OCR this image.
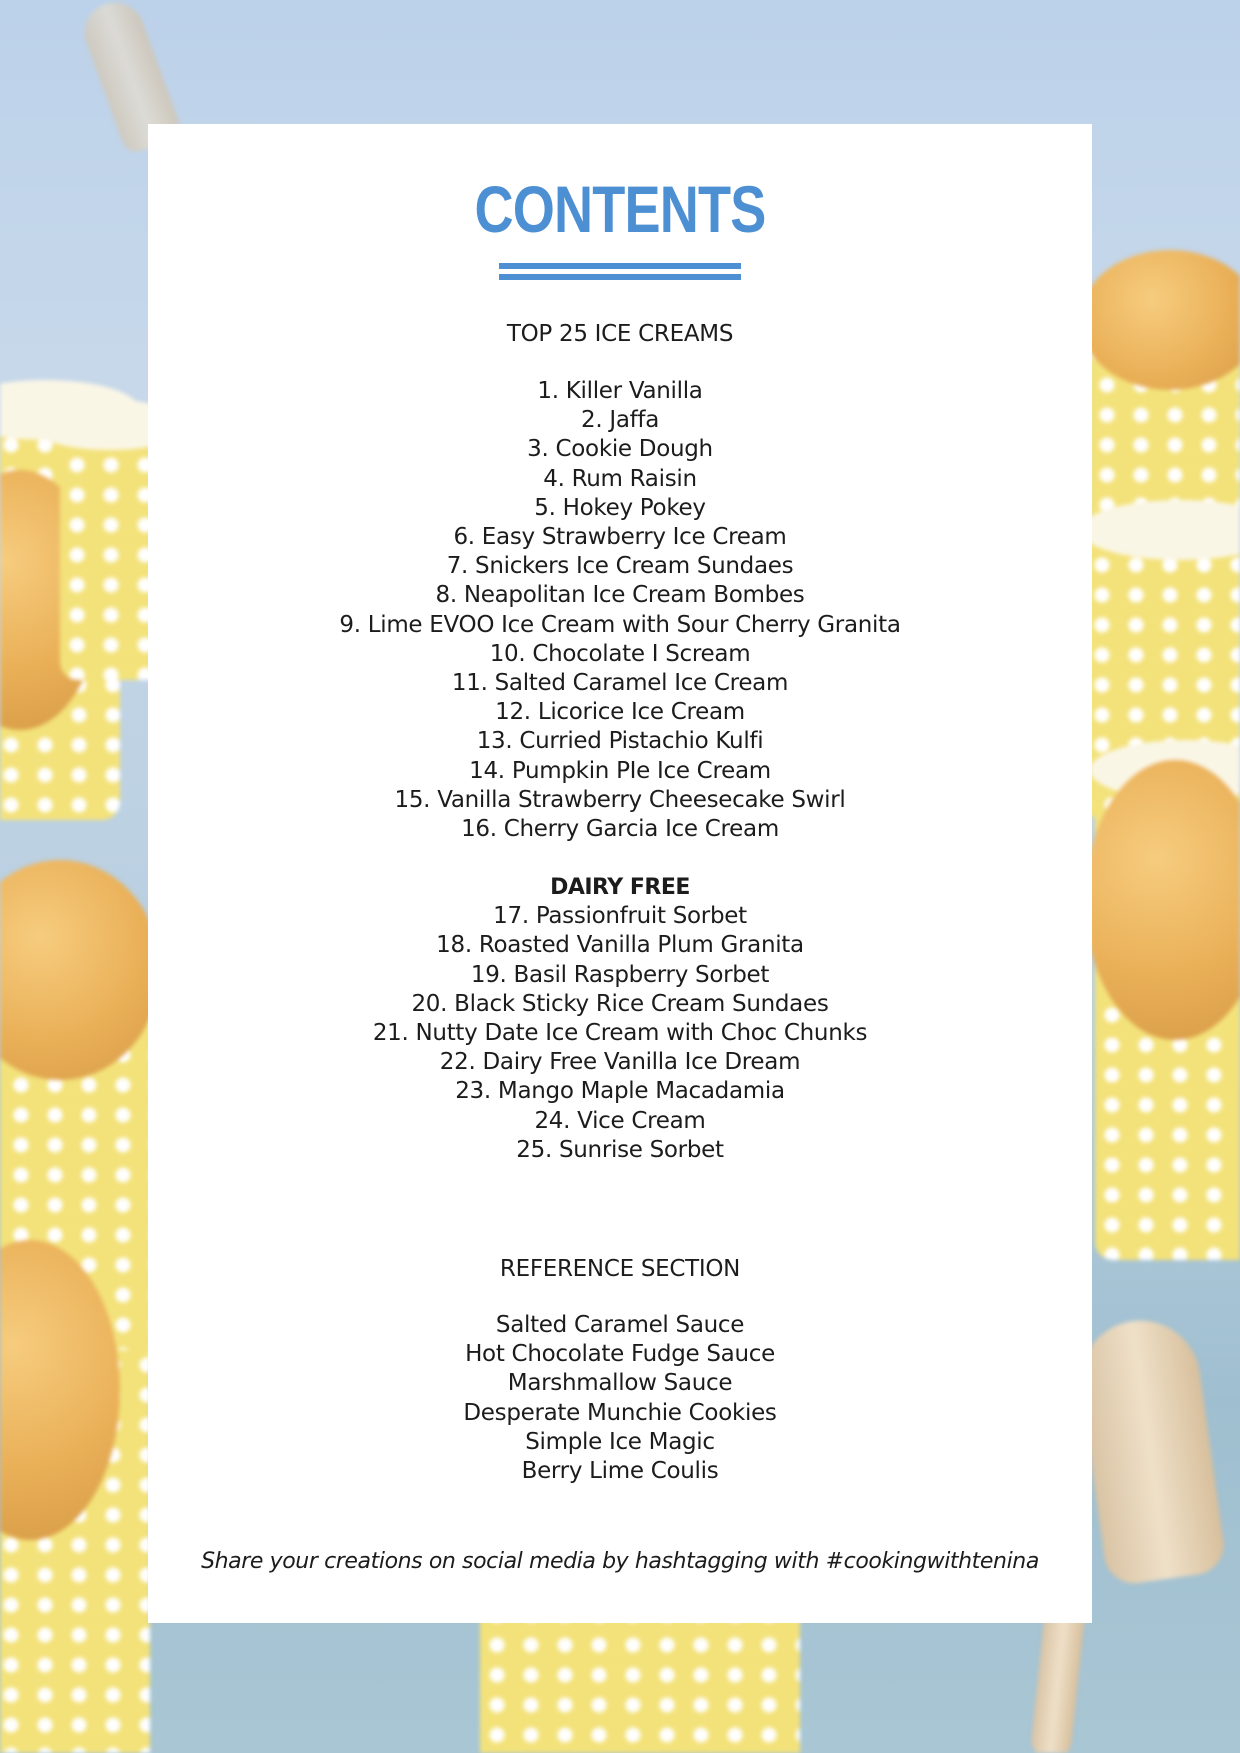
CONTENTS
TOP 25 ICE CREAMS
1. Killer Vanilla
2. Jaffa
3. Cookie Dough
4. Rum Raisin
5. Hokey Pokey
6. Easy Strawberry Ice Cream
7. Snickers Ice Cream Sundaes
8. Neapolitan Ice Cream Bombes
9. Lime EVOO Ice Cream with Sour Cherry Granita
10. Chocolate I Scream
11. Salted Caramel Ice Cream
12. Licorice Ice Cream
13. Curried Pistachio Kulfi
14. Pumpkin PIe Ice Cream
15. Vanilla Strawberry Cheesecake Swirl
16. Cherry Garcia Ice Cream
DAIRY FREE
17. Passionfruit Sorbet
18. Roasted Vanilla Plum Granita
19. Basil Raspberry Sorbet
20. Black Sticky Rice Cream Sundaes
21. Nutty Date Ice Cream with Choc Chunks
22. Dairy Free Vanilla Ice Dream
23. Mango Maple Macadamia
24. Vice Cream
25. Sunrise Sorbet
REFERENCE SECTION
Salted Caramel Sauce
Hot Chocolate Fudge Sauce
Marshmallow Sauce
Desperate Munchie Cookies
Simple Ice Magic
Berry Lime Coulis
Share your creations on social media by hashtagging with #cookingwithtenina
